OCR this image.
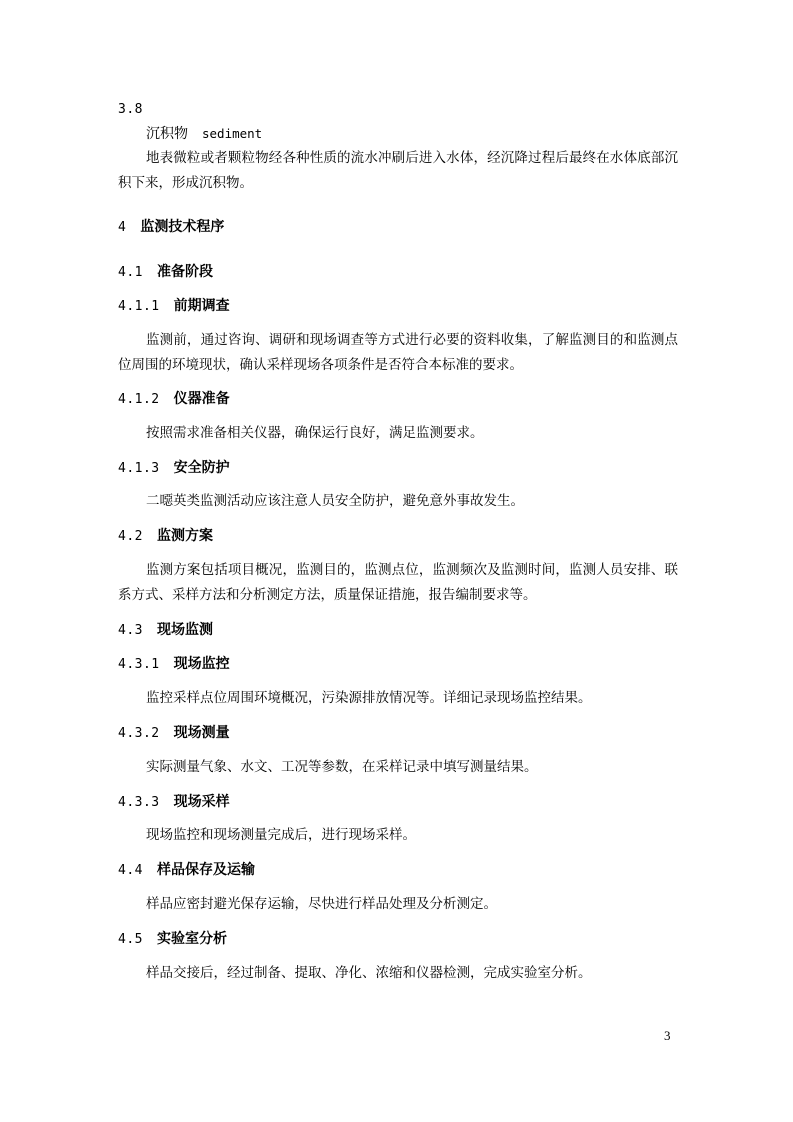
3.8
沉积物 sediment

地表微粒或者颗粒物经各种性质的流水冲刷后进入水体，经沉降过程后最终在水体底部沉积下来，形成沉积物。

4 监测技术程序
4.1 准备阶段
4.1.1 前期调查

监测前，通过咨询、调研和现场调查等方式进行必要的资料收集，了解监测目的和监测点位周围的环境现状，确认采样现场各项条件是否符合本标准的要求。

4.1.2 仪器准备

按照需求准备相关仪器，确保运行良好，满足监测要求。

4.1.3 安全防护

二噁英类监测活动应该注意人员安全防护，避免意外事故发生。

4.2 监测方案

监测方案包括项目概况，监测目的，监测点位，监测频次及监测时间，监测人员安排、联系方式、采样方法和分析测定方法，质量保证措施，报告编制要求等。

4.3 现场监测
4.3.1 现场监控

监控采样点位周围环境概况，污染源排放情况等。详细记录现场监控结果。

4.3.2 现场测量

实际测量气象、水文、工况等参数，在采样记录中填写测量结果。

4.3.3 现场采样

现场监控和现场测量完成后，进行现场采样。

4.4 样品保存及运输

样品应密封避光保存运输，尽快进行样品处理及分析测定。

4.5 实验室分析

样品交接后，经过制备、提取、净化、浓缩和仪器检测，完成实验室分析。

3
